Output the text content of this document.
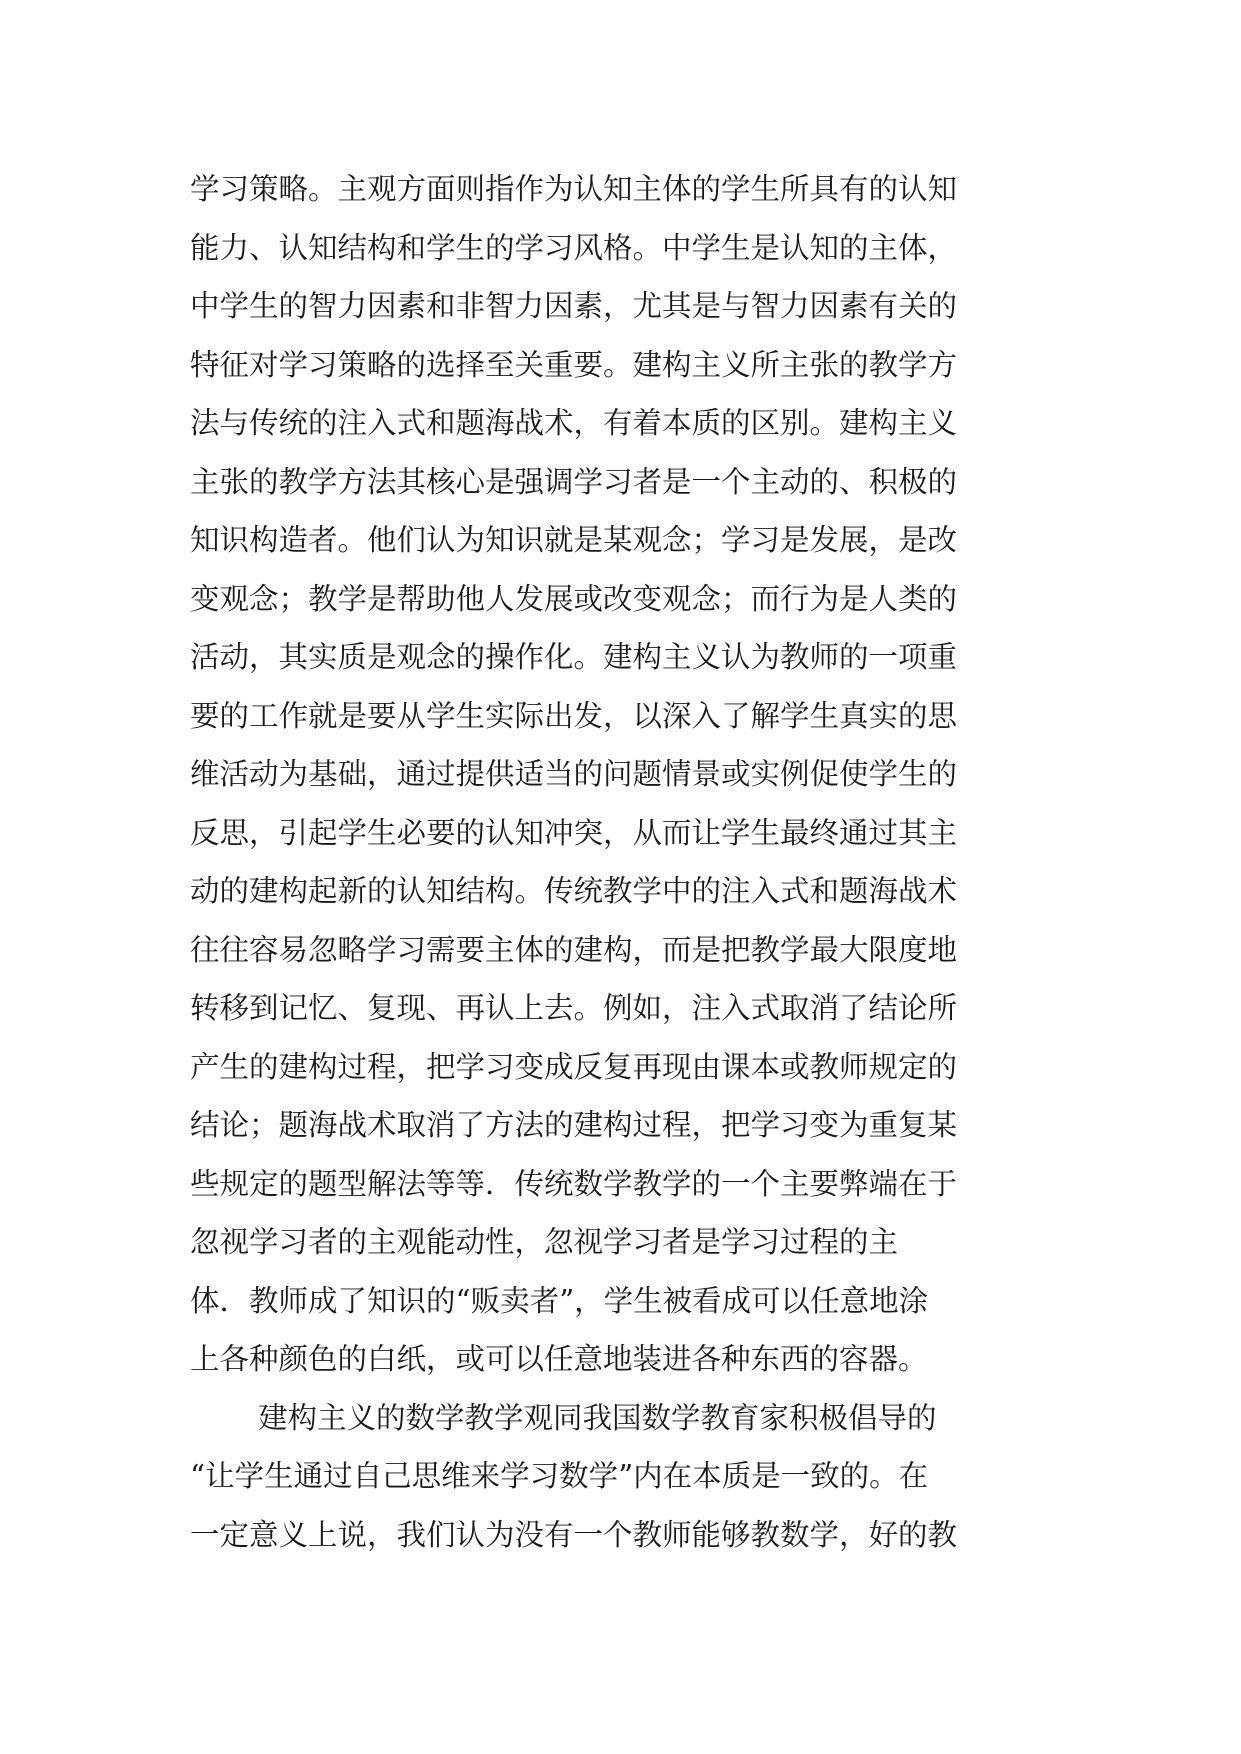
学习策略。主观方面则指作为认知主体的学生所具有的认知
能力、认知结构和学生的学习风格。中学生是认知的主体，
中学生的智力因素和非智力因素，尤其是与智力因素有关的
特征对学习策略的选择至关重要。建构主义所主张的教学方
法与传统的注入式和题海战术，有着本质的区别。建构主义
主张的教学方法其核心是强调学习者是一个主动的、积极的
知识构造者。他们认为知识就是某观念；学习是发展，是改
变观念；教学是帮助他人发展或改变观念；而行为是人类的
活动，其实质是观念的操作化。建构主义认为教师的一项重
要的工作就是要从学生实际出发，以深入了解学生真实的思
维活动为基础，通过提供适当的问题情景或实例促使学生的
反思，引起学生必要的认知冲突，从而让学生最终通过其主
动的建构起新的认知结构。传统教学中的注入式和题海战术
往往容易忽略学习需要主体的建构，而是把教学最大限度地
转移到记忆、复现、再认上去。例如，注入式取消了结论所
产生的建构过程，把学习变成反复再现由课本或教师规定的
结论；题海战术取消了方法的建构过程，把学习变为重复某
些规定的题型解法等等．传统数学教学的一个主要弊端在于
忽视学习者的主观能动性，忽视学习者是学习过程的主
体．教师成了知识的“贩卖者”，学生被看成可以任意地涂
上各种颜色的白纸，或可以任意地装进各种东西的容器。
建构主义的数学教学观同我国数学教育家积极倡导的
“让学生通过自己思维来学习数学”内在本质是一致的。在
一定意义上说，我们认为没有一个教师能够教数学，好的教
